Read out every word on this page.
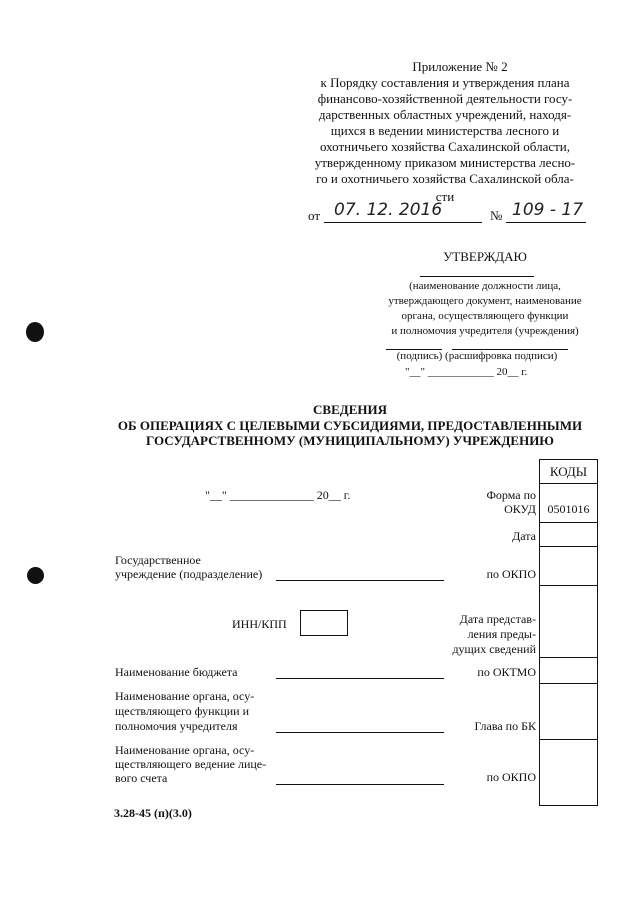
Приложение № 2
к Порядку составления и утверждения плана
финансово-хозяйственной деятельности госу-
дарственных областных учреждений, находя-
щихся в ведении министерства лесного и
охотничьего хозяйства Сахалинской области,
утвержденному приказом министерства лесно-
го и охотничьего хозяйства Сахалинской обла-
сти
от 07. 12. 2016	№ 109 - 17
УТВЕРЖДАЮ
(наименование должности лица,
утверждающего документ, наименование
органа, осуществляющего функции
и полномочия учредителя (учреждения)
(подпись) (расшифровка подписи)
"__" ____________ 20__ г.
СВЕДЕНИЯ
ОБ ОПЕРАЦИЯХ С ЦЕЛЕВЫМИ СУБСИДИЯМИ, ПРЕДОСТАВЛЕННЫМИ
ГОСУДАРСТВЕННОМУ (МУНИЦИПАЛЬНОМУ) УЧРЕЖДЕНИЮ
КОДЫ
0501016
Форма по
ОКУД
Дата
по ОКПО
Дата представ-
ления преды-
дущих сведений
по ОКТМО
Глава по БК
по ОКПО
"__" ______________ 20__ г.
Государственное
учреждение (подразделение)
ИНН/КПП
Наименование бюджета
Наименование органа, осу-
ществляющего функции и
полномочия учредителя
Наименование органа, осу-
ществляющего ведение лице-
вого счета
3.28-45 (п)(3.0)
